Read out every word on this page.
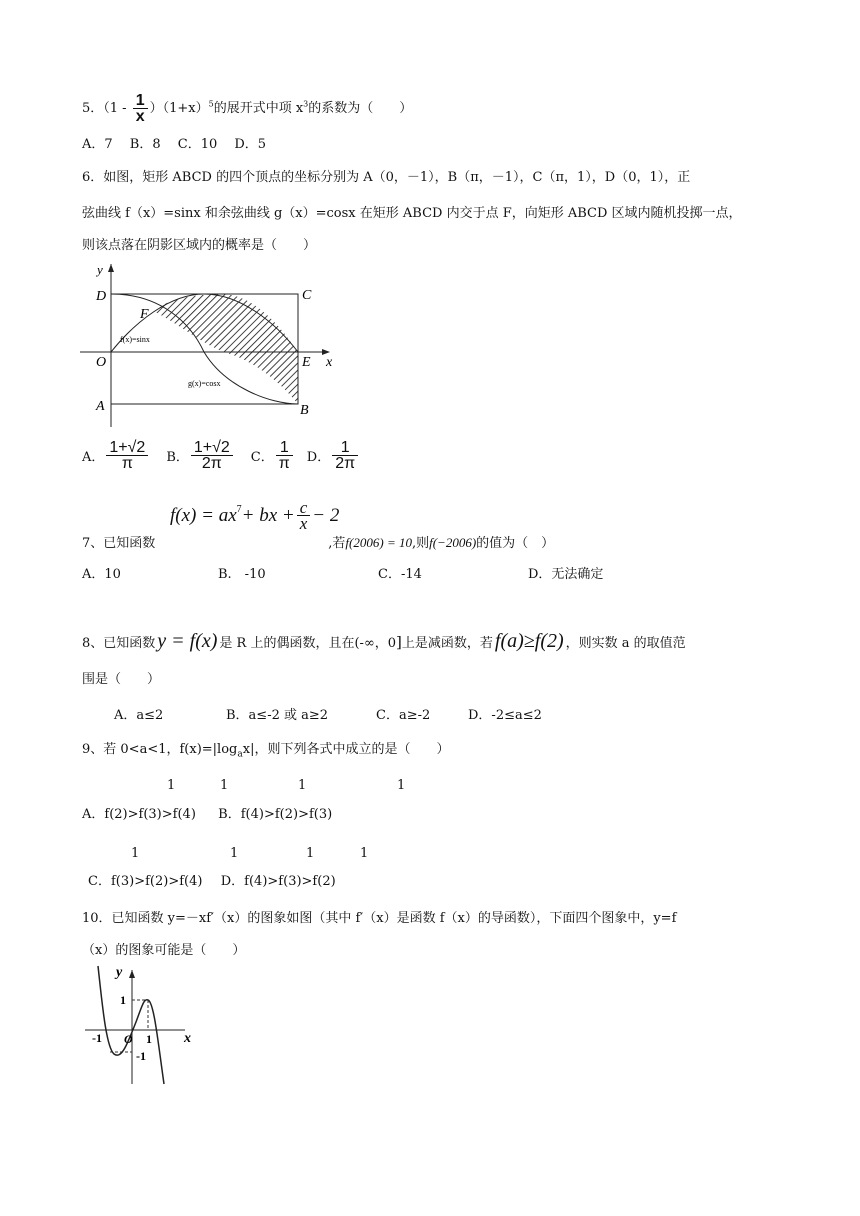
5．$(1 - \frac{1}{x} )(1+x)^5$的展开式中项 $x^3$的系数为（　　）
A．7　 B．8　 C．10　 D．5
6．如图，矩形 ABCD 的四个顶点的坐标分别为 A（0，－1），B（π，－1），C（π，1），D（0，1），正
弦曲线 f（x）=sinx 和余弦曲线 g（x）=cosx 在矩形 ABCD 内交于点 F，向矩形 ABCD 区域内随机投掷一点，
则该点落在阴影区域内的概率是（　　）
y
D	C
F
O	E x
A	B
f(x)=sinx
g(x)=cosx
A． $\frac{1+√2}{\pi}$ B． $\frac{1+√2}{2\pi}$ C． $\frac{1}{\pi}$ D． $\frac{1}{2\pi}$
$f(x) = ax^7$ + bx + $\frac{c}{x} - 2$
7、已知函数	,若f(2006) = 10,则f(−2006)的值为（　）
A．10	B.　-10	C．-14	D．无法确定
8、已知函数 y = f(x) 是 R 上的偶函数，且在(-∞，0 ] 上是减函数，若 f(a)≥f(2) ，则实数 a 的取值范
围是（　　）
A．a≤2	B．a≤-2 或 a≥2	C．a≥-2	D．-2≤a≤2
9、若 0<a<1，$f(x)=|\log_ax|$，则下列各式中成立的是（　　）
1	1	1	1
A．f(2)>f(3)>f(4) B．f(4)>f(2)>f(3)
1	1	1	1
C．f(3)>f(2)>f(4) D．f(4)>f(3)>f(2)
10．已知函数 y=－xf′（x）的图象如图（其中 f′（x）是函数 f（x）的导函数），下面四个图象中，y=f
（x）的图象可能是（　　）
y
1
-1 O 1
-1
x
